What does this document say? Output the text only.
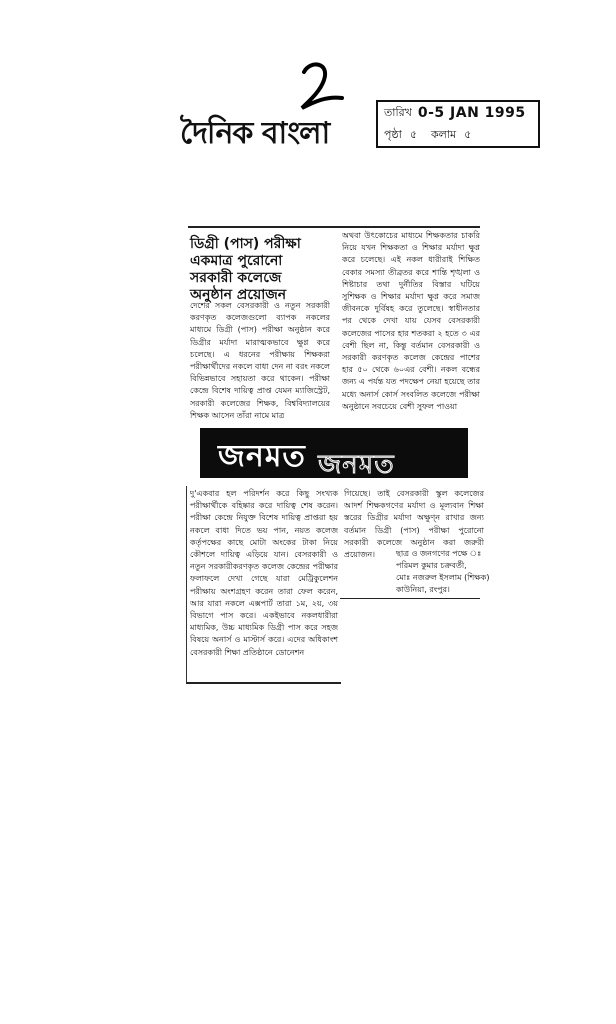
দৈনিক বাংলা
তারিখ 0-5 JAN 1995
পৃষ্ঠা ৫ কলাম ৫
ডিগ্রী (পাস) পরীক্ষা
একমাত্র পুরোনো
সরকারী কলেজে
অনুষ্ঠান প্রয়োজন

দেশের সকল বেসরকারী ও নতুন সরকারী করণকৃত কলেজগুলো ব্যাপক নকলের মাধ্যমে ডিগ্রী (পাস) পরীক্ষা অনুষ্ঠান করে ডিগ্রীর মর্যাদা মারাত্মকভাবে ক্ষুণ্ণ করে চলেছে। এ ধরনের পরীক্ষায় শিক্ষকরা পরীক্ষার্থীদের নকলে বাধা দেন না বরং নকলে বিভিন্নভাবে সহায়তা করে থাকেন। পরীক্ষা কেন্দ্রে বিশেষ দায়িত্ব প্রাপ্ত যেমন ম্যাজিস্ট্রেট, সরকারী কলেজের শিক্ষক, বিশ্ববিদ্যালয়ের শিক্ষক আসেন তাঁরা নামে মাত্র

অথবা উৎকোচের মাধ্যমে শিক্ষকতার চাকরি নিয়ে যখন শিক্ষকতা ও শিক্ষার মর্যাদা ক্ষুণ্ণ করে চলেছে। এই নকল ধারীরাই শিক্ষিত বেকার সমস্যা তীব্রতর করে শান্তি শৃঙ্খলা ও শিষ্টাচার তথা দুর্নীতির বিস্তার ঘটিয়ে সুশিক্ষক ও শিক্ষার মর্যাদা ক্ষুণ্ণ করে সমাজ জীবনকে দুর্বিষহ করে তুলেছে। স্বাধীনতার পর থেকে দেখা যায় যেসব বেসরকারী কলেজের পাসের হার শতকরা ২ হতে ৩ এর বেশী ছিল না, কিন্তু বর্তমান বেসরকারী ও সরকারী করণকৃত কলেজ কেন্দ্রের পাশের হার ৫০ থেকে ৬০এর বেশী। নকল বন্ধের জন্য এ পর্যন্ত যত পদক্ষেপ নেয়া হয়েছে তার মধ্যে অনার্স কোর্স সংবলিত কলেজে পরীক্ষা অনুষ্ঠানে সবচেয়ে বেশী সুফল পাওয়া

জনমত জনমত

দু'একবার হল পরিদর্শন করে কিছু সংখ্যক পরীক্ষার্থীকে বহিষ্কার করে দায়িত্ব শেষ করেন। পরীক্ষা কেন্দ্রে নিযুক্ত বিশেষ দায়িত্ব প্রাপ্তরা হয় নকলে বাধা দিতে ভয় পান, নয়ত কলেজ কর্তৃপক্ষের কাছে মোটা অংকের টাকা নিয়ে কৌশলে দায়িত্ব এড়িয়ে যান। বেসরকারী ও নতুন সরকারীকরণকৃত কলেজ কেন্দ্রের পরীক্ষার ফলাফলে দেখা গেছে যারা মেট্রিকুলেশন পরীক্ষায় অংশগ্রহণ করেন তারা ফেল করেন, আর যারা নকলে এক্সপার্ট তারা ১ম, ২য়, ৩য় বিভাগে পাস করে। একইভাবে নকলধারীরা মাধ্যমিক, উচ্চ মাধ্যমিক ডিগ্রী পাস করে সহজ বিষয়ে অনার্স ও মাস্টার্স করে। এদের অধিকাংশ বেসরকারী শিক্ষা প্রতিষ্ঠানে ডোনেশন

গিয়েছে। তাই বেসরকারী স্কুল কলেজের আদর্শ শিক্ষকগণের মর্যাদা ও মূল্যবান শিক্ষা স্তরের ডিগ্রীর মর্যাদা অক্ষুণ্ন রাখার জন্য বর্তমান ডিগ্রী (পাস) পরীক্ষা পুরোনো সরকারী কলেজে অনুষ্ঠান করা জরুরী প্রয়োজন।	ছাত্র ও জনগণের পক্ষে ঃ
পরিমল কুমার চক্রবর্তী,
মোঃ নজরুল ইসলাম (শিক্ষক)
কাউনিয়া, রংপুর।
